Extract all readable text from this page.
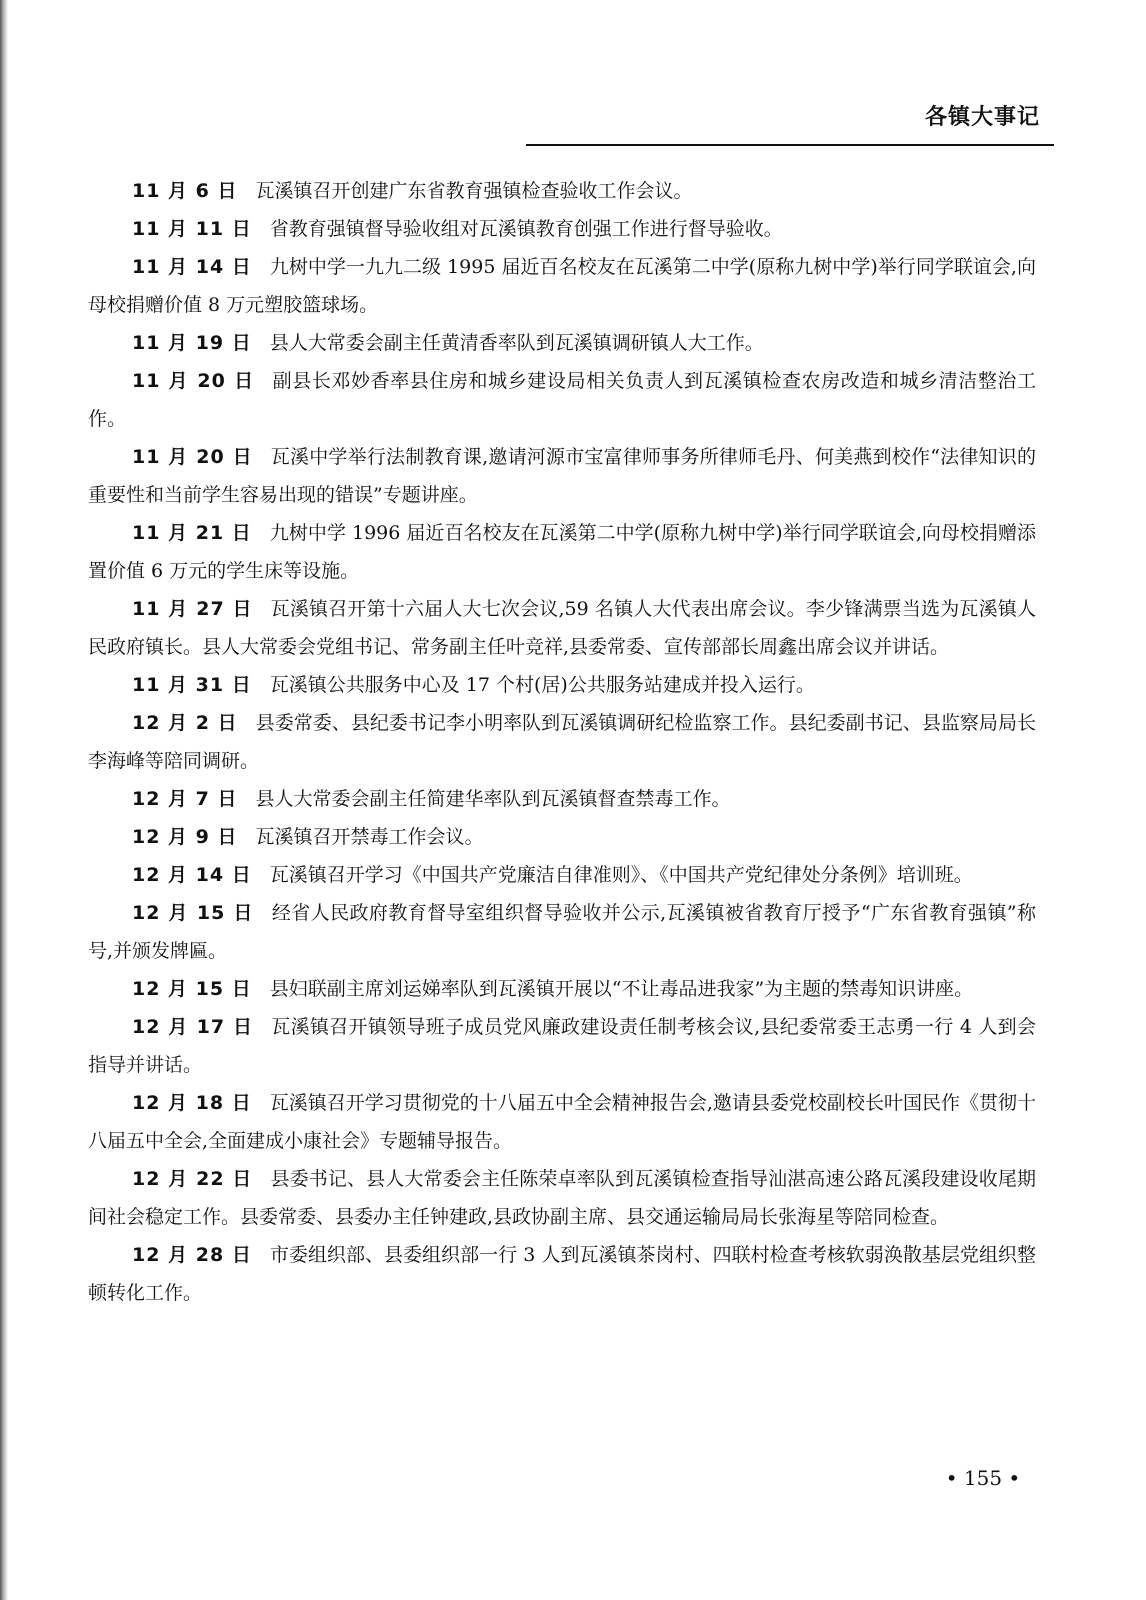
各镇大事记

11 月 6 日 瓦溪镇召开创建广东省教育强镇检查验收工作会议。

11 月 11 日 省教育强镇督导验收组对瓦溪镇教育创强工作进行督导验收。

11 月 14 日 九树中学一九九二级 1995 届近百名校友在瓦溪第二中学(原称九树中学)举行同学联谊会,向母校捐赠价值 8 万元塑胶篮球场。

11 月 19 日 县人大常委会副主任黄清香率队到瓦溪镇调研镇人大工作。

11 月 20 日 副县长邓妙香率县住房和城乡建设局相关负责人到瓦溪镇检查农房改造和城乡清洁整治工作。

11 月 20 日 瓦溪中学举行法制教育课,邀请河源市宝富律师事务所律师毛丹、何美燕到校作“法律知识的重要性和当前学生容易出现的错误”专题讲座。

11 月 21 日 九树中学 1996 届近百名校友在瓦溪第二中学(原称九树中学)举行同学联谊会,向母校捐赠添置价值 6 万元的学生床等设施。

11 月 27 日 瓦溪镇召开第十六届人大七次会议,59 名镇人大代表出席会议。李少锋满票当选为瓦溪镇人民政府镇长。县人大常委会党组书记、常务副主任叶竞祥,县委常委、宣传部部长周鑫出席会议并讲话。

11 月 31 日 瓦溪镇公共服务中心及 17 个村(居)公共服务站建成并投入运行。

12 月 2 日 县委常委、县纪委书记李小明率队到瓦溪镇调研纪检监察工作。县纪委副书记、县监察局局长李海峰等陪同调研。

12 月 7 日 县人大常委会副主任简建华率队到瓦溪镇督查禁毒工作。

12 月 9 日 瓦溪镇召开禁毒工作会议。

12 月 14 日 瓦溪镇召开学习《中国共产党廉洁自律准则》、《中国共产党纪律处分条例》培训班。

12 月 15 日 经省人民政府教育督导室组织督导验收并公示,瓦溪镇被省教育厅授予“广东省教育强镇”称号,并颁发牌匾。

12 月 15 日 县妇联副主席刘运娣率队到瓦溪镇开展以“不让毒品进我家”为主题的禁毒知识讲座。

12 月 17 日 瓦溪镇召开镇领导班子成员党风廉政建设责任制考核会议,县纪委常委王志勇一行 4 人到会指导并讲话。

12 月 18 日 瓦溪镇召开学习贯彻党的十八届五中全会精神报告会,邀请县委党校副校长叶国民作《贯彻十八届五中全会,全面建成小康社会》专题辅导报告。

12 月 22 日 县委书记、县人大常委会主任陈荣卓率队到瓦溪镇检查指导汕湛高速公路瓦溪段建设收尾期间社会稳定工作。县委常委、县委办主任钟建政,县政协副主席、县交通运输局局长张海星等陪同检查。

12 月 28 日 市委组织部、县委组织部一行 3 人到瓦溪镇茶岗村、四联村检查考核软弱涣散基层党组织整顿转化工作。

• 155 •
